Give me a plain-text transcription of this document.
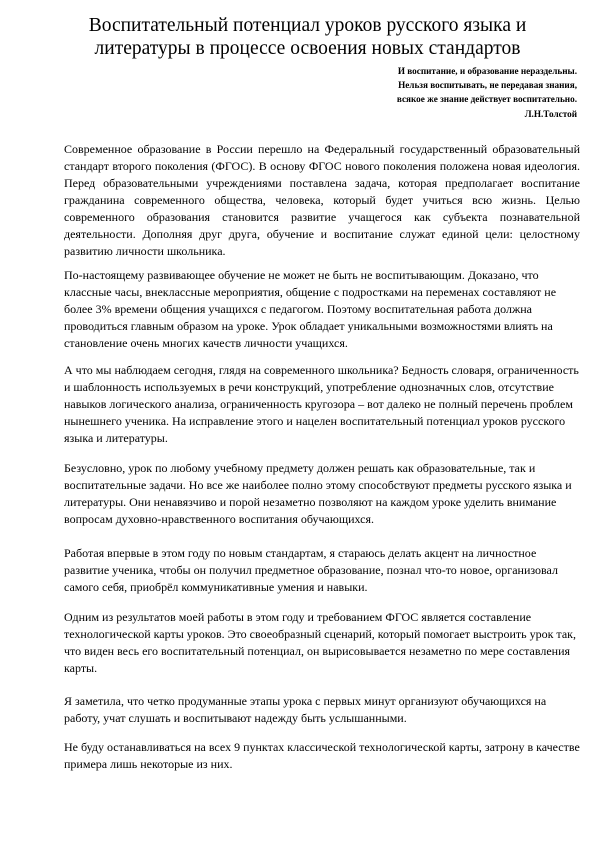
Воспитательный потенциал уроков русского языка и литературы в процессе освоения новых стандартов
И воспитание, и образование нераздельны.
Нельзя воспитывать, не передавая знания,
всякое же знание действует воспитательно.
Л.Н.Толстой

Современное образование в России перешло на Федеральный государственный образовательный стандарт второго поколения (ФГОС). В основу ФГОС нового поколения положена новая идеология. Перед образовательными учреждениями поставлена задача, которая предполагает воспитание гражданина современного общества, человека, который будет учиться всю жизнь. Целью современного образования становится развитие учащегося как субъекта познавательной деятельности. Дополняя друг друга, обучение и воспитание служат единой цели: целостному развитию личности школьника.

По-настоящему развивающее обучение не может не быть не воспитывающим. Доказано, что классные часы, внеклассные мероприятия, общение с подростками на переменах составляют не более 3% времени общения учащихся с педагогом. Поэтому воспитательная работа должна проводиться главным образом на уроке. Урок обладает уникальными возможностями влиять на становление очень многих качеств личности учащихся.

А что мы наблюдаем сегодня, глядя на современного школьника? Бедность словаря, ограниченность и шаблонность используемых в речи конструкций, употребление однозначных слов, отсутствие навыков логического анализа, ограниченность кругозора – вот далеко не полный перечень проблем нынешнего ученика. На исправление этого и нацелен воспитательный потенциал уроков русского языка и литературы.

Безусловно, урок по любому учебному предмету должен решать как образовательные, так и воспитательные задачи. Но все же наиболее полно этому способствуют предметы русского языка и литературы. Они ненавязчиво и порой незаметно позволяют на каждом уроке уделить внимание вопросам духовно-нравственного воспитания обучающихся.

Работая впервые в этом году по новым стандартам, я стараюсь делать акцент на личностное развитие ученика, чтобы он получил предметное образование, познал что-то новое, организовал самого себя, приобрёл коммуникативные умения и навыки.

Одним из результатов моей работы в этом году и требованием ФГОС является составление технологической карты уроков. Это своеобразный сценарий, который помогает выстроить урок так, что виден весь его воспитательный потенциал, он вырисовывается незаметно по мере составления карты.

Я заметила, что четко продуманные этапы урока с первых минут организуют обучающихся на работу, учат слушать и воспитывают надежду быть услышанными.

Не буду останавливаться на всех 9 пунктах классической технологической карты, затрону в качестве примера лишь некоторые из них.
